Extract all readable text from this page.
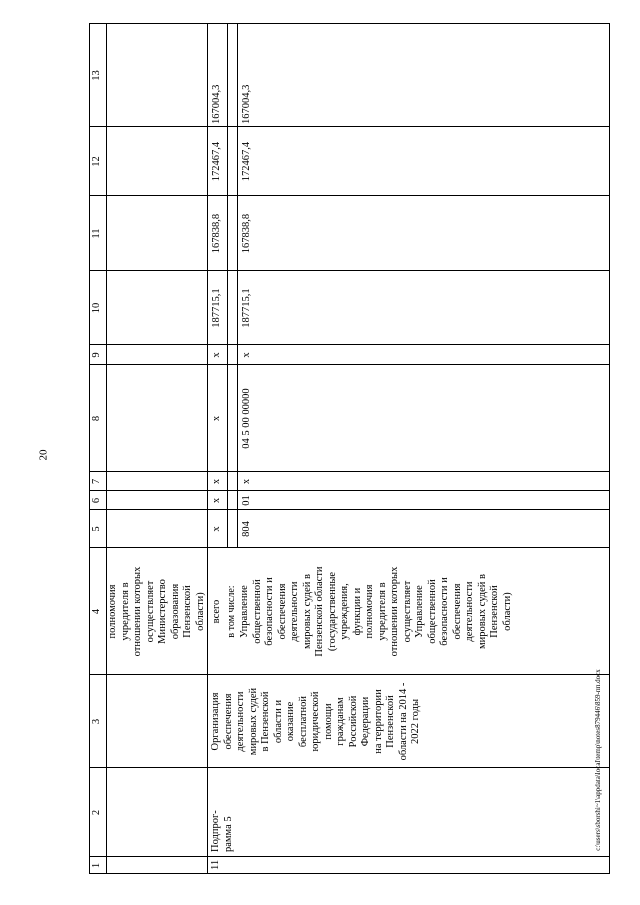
20
1
2
3
4
5
6
7
8
9
10
11
12
13
полномочия
учредителя в
отношении которых
осуществляет
Министерство
образования
Пензенской
области)
11
Подпрог-
рамма 5
Организация
обеспечения
деятельности
мировых судей
в Пензенской
области и
оказание
бесплатной
юридической
помощи
гражданам
Российской
Федерации
на территории
Пензенской
области на 2014 -
2022 годы
всего
х
х
х
х
х
187715,1
167838,8
172467,4
167004,3
в том числе: Управление
общественной
безопасности и
обеспечения
деятельности
мировых судей в
Пензенской области
(государственные
учреждения,
функции и
полномочия
учредителя в
отношении которых
осуществляет
Управление
общественной
безопасности и
обеспечения
деятельности
мировых судей в
Пензенской
области)
804
01
х
04 5 00 00000
х
187715,1
167838,8
172467,4
167004,3
c:\users\sborshi~1\appdata\local\temp\notes879446\859-пп.docx
